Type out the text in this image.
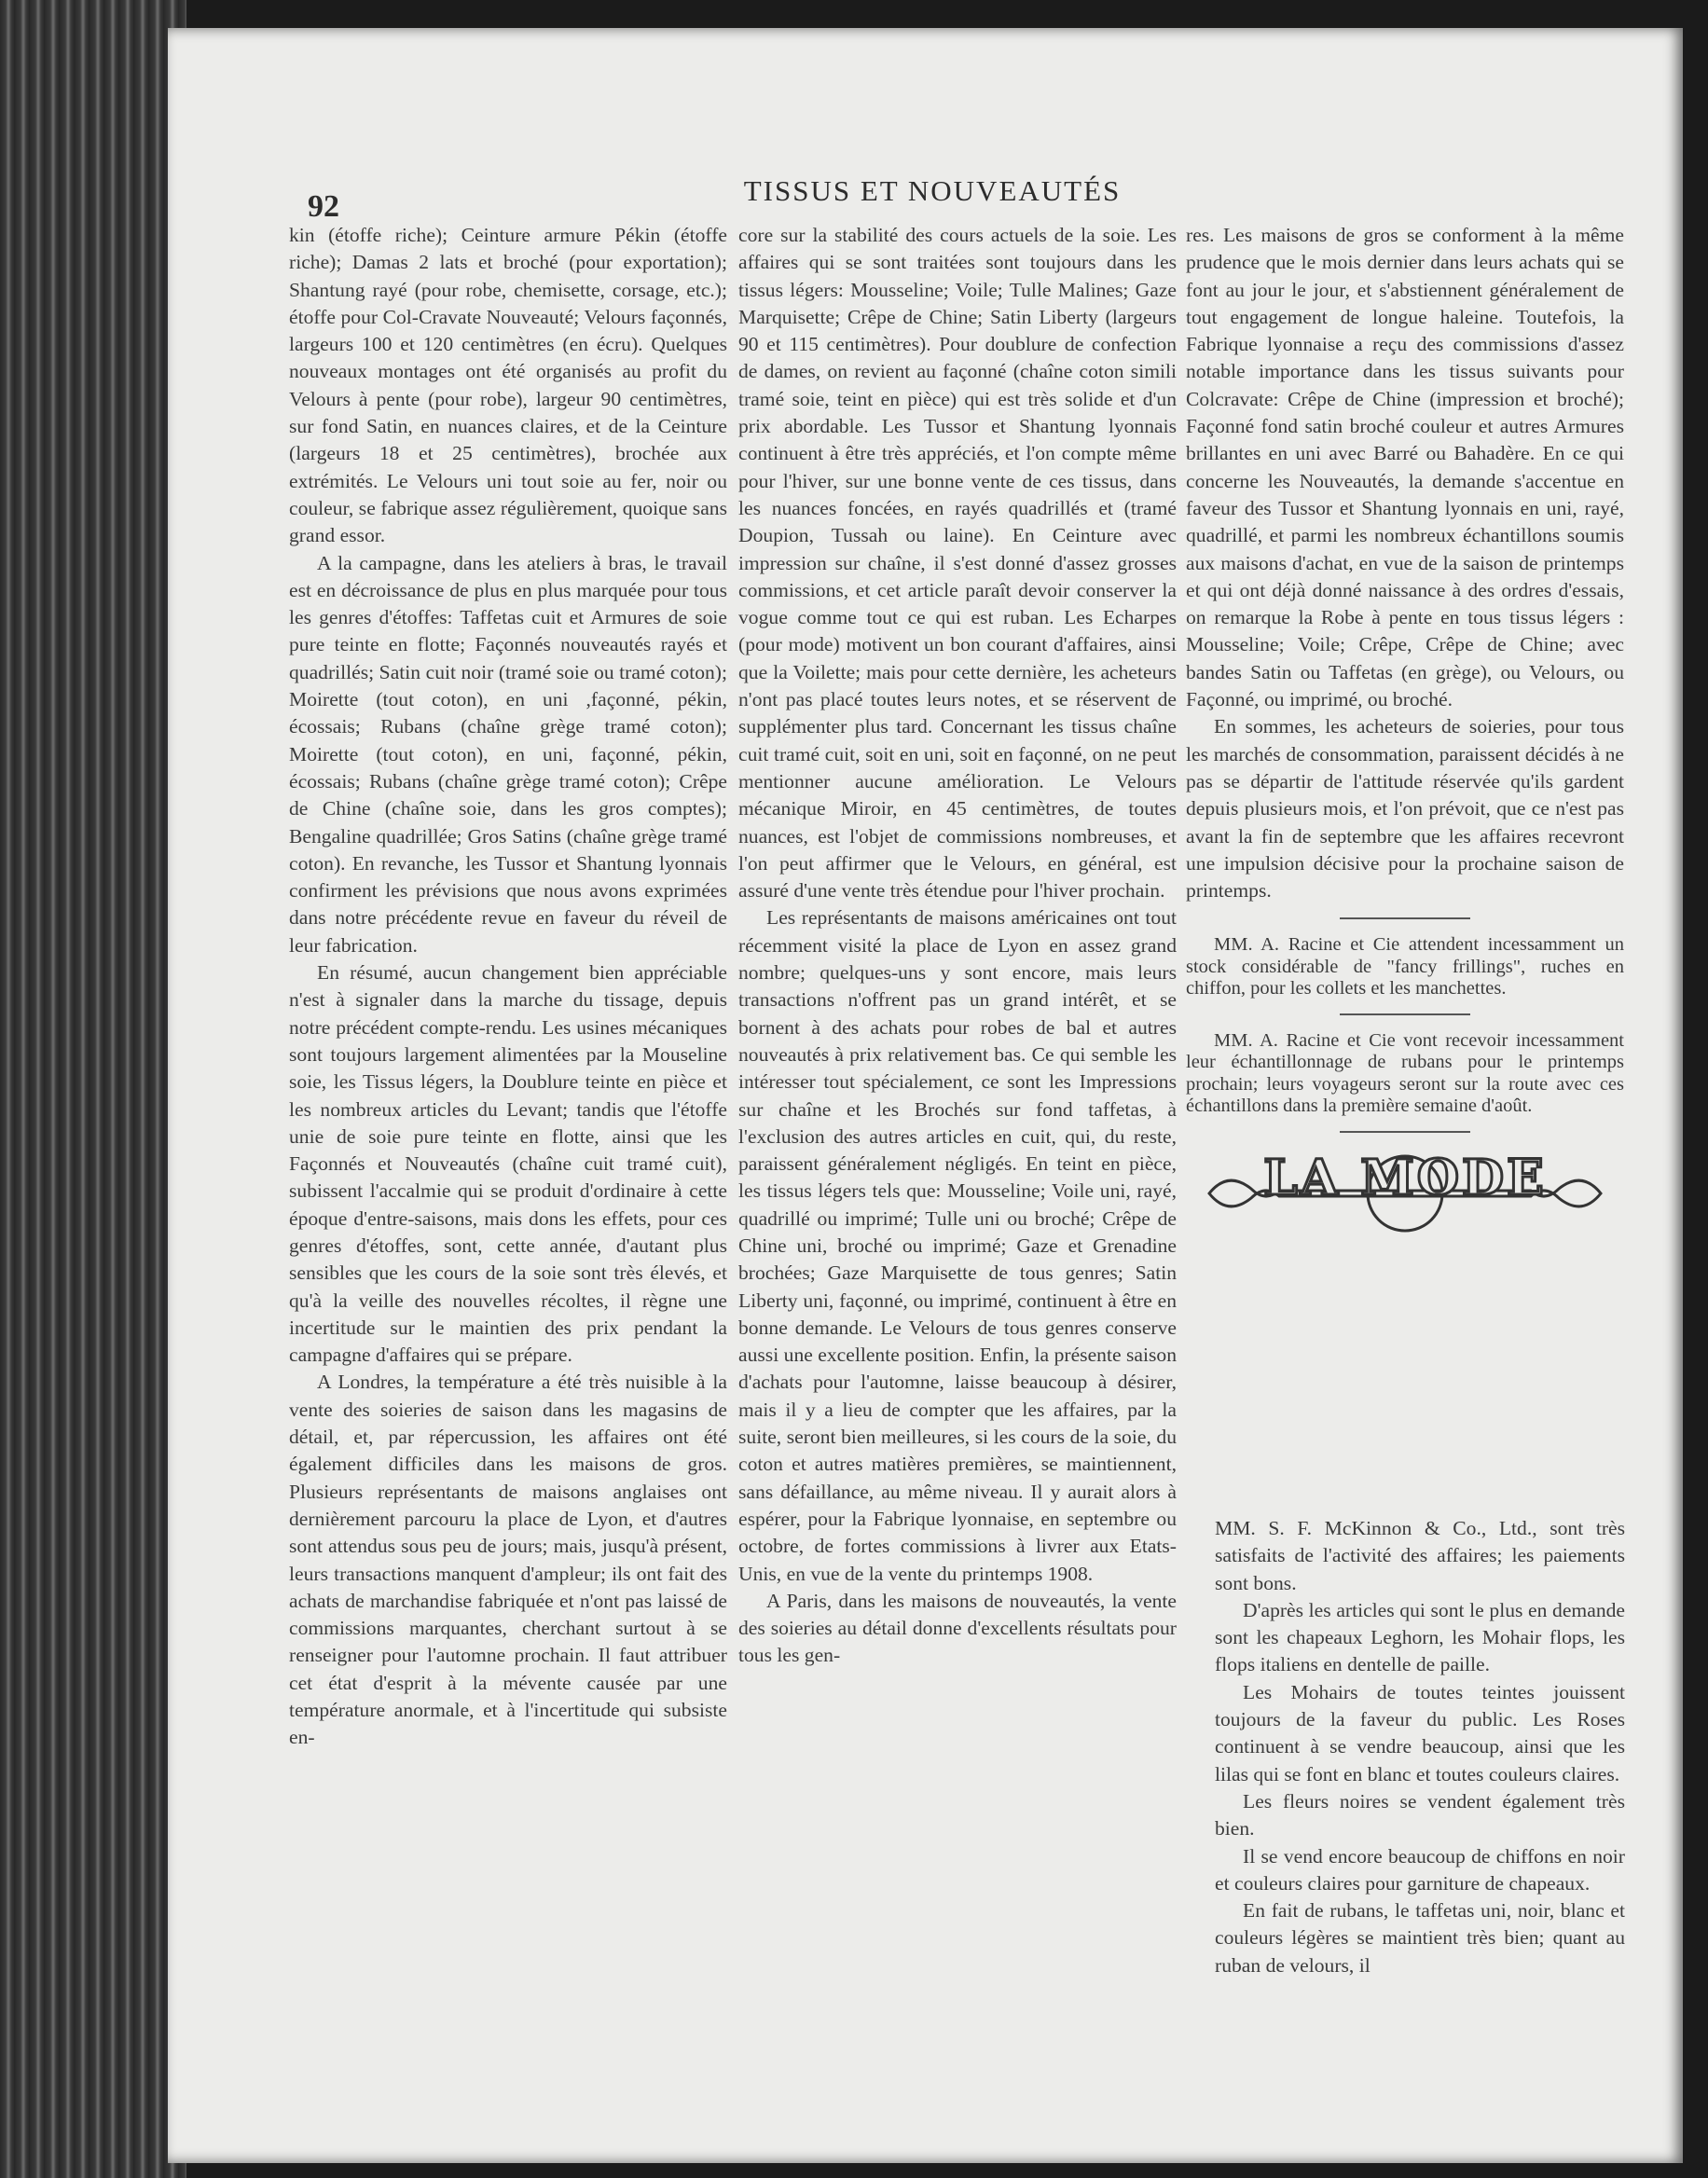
92	TISSUS ET NOUVEAUTÉS

kin (étoffe riche); Ceinture armure Pékin (étoffe riche); Damas 2 lats et broché (pour exportation); Shantung rayé (pour robe, chemisette, corsage, etc.); étoffe pour Col-Cravate Nouveauté; Velours façonnés, largeurs 100 et 120 centimètres (en écru). Quelques nouveaux montages ont été organisés au profit du Velours à pente (pour robe), largeur 90 centimètres, sur fond Satin, en nuances claires, et de la Ceinture (largeurs 18 et 25 centimètres), brochée aux extrémités. Le Velours uni tout soie au fer, noir ou couleur, se fabrique assez régulièrement, quoique sans grand essor.

A la campagne, dans les ateliers à bras, le travail est en décroissance de plus en plus marquée pour tous les genres d'étoffes: Taffetas cuit et Armures de soie pure teinte en flotte; Façonnés nouveautés rayés et quadrillés; Satin cuit noir (tramé soie ou tramé coton); Moirette (tout coton), en uni ,façonné, pékin, écossais; Rubans (chaîne grège tramé coton); Moirette (tout coton), en uni, façonné, pékin, écossais; Rubans (chaîne grège tramé coton); Crêpe de Chine (chaîne soie, dans les gros comptes); Bengaline quadrillée; Gros Satins (chaîne grège tramé coton). En revanche, les Tussor et Shantung lyonnais confirment les prévisions que nous avons exprimées dans notre précédente revue en faveur du réveil de leur fabrication.

En résumé, aucun changement bien appréciable n'est à signaler dans la marche du tissage, depuis notre précédent compte-rendu. Les usines mécaniques sont toujours largement alimentées par la Mouseline soie, les Tissus légers, la Doublure teinte en pièce et les nombreux articles du Levant; tandis que l'étoffe unie de soie pure teinte en flotte, ainsi que les Façonnés et Nouveautés (chaîne cuit tramé cuit), subissent l'accalmie qui se produit d'ordinaire à cette époque d'entre-saisons, mais dons les effets, pour ces genres d'étoffes, sont, cette année, d'autant plus sensibles que les cours de la soie sont très élevés, et qu'à la veille des nouvelles récoltes, il règne une incertitude sur le maintien des prix pendant la campagne d'affaires qui se prépare.

A Londres, la température a été très nuisible à la vente des soieries de saison dans les magasins de détail, et, par répercussion, les affaires ont été également difficiles dans les maisons de gros. Plusieurs représentants de maisons anglaises ont dernièrement parcouru la place de Lyon, et d'autres sont attendus sous peu de jours; mais, jusqu'à présent, leurs transactions manquent d'ampleur; ils ont fait des achats de marchandise fabriquée et n'ont pas laissé de commissions marquantes, cherchant surtout à se renseigner pour l'automne prochain. Il faut attribuer cet état d'esprit à la mévente causée par une température anormale, et à l'incertitude qui subsiste en-

core sur la stabilité des cours actuels de la soie. Les affaires qui se sont traitées sont toujours dans les tissus légers: Mousseline; Voile; Tulle Malines; Gaze Marquisette; Crêpe de Chine; Satin Liberty (largeurs 90 et 115 centimètres). Pour doublure de confection de dames, on revient au façonné (chaîne coton simili tramé soie, teint en pièce) qui est très solide et d'un prix abordable. Les Tussor et Shantung lyonnais continuent à être très appréciés, et l'on compte même pour l'hiver, sur une bonne vente de ces tissus, dans les nuances foncées, en rayés quadrillés et (tramé Doupion, Tussah ou laine). En Ceinture avec impression sur chaîne, il s'est donné d'assez grosses commissions, et cet article paraît devoir conserver la vogue comme tout ce qui est ruban. Les Echarpes (pour mode) motivent un bon courant d'affaires, ainsi que la Voilette; mais pour cette dernière, les acheteurs n'ont pas placé toutes leurs notes, et se réservent de supplémenter plus tard. Concernant les tissus chaîne cuit tramé cuit, soit en uni, soit en façonné, on ne peut mentionner aucune amélioration. Le Velours mécanique Miroir, en 45 centimètres, de toutes nuances, est l'objet de commissions nombreuses, et l'on peut affirmer que le Velours, en général, est assuré d'une vente très étendue pour l'hiver prochain.

Les représentants de maisons américaines ont tout récemment visité la place de Lyon en assez grand nombre; quelques-uns y sont encore, mais leurs transactions n'offrent pas un grand intérêt, et se bornent à des achats pour robes de bal et autres nouveautés à prix relativement bas. Ce qui semble les intéresser tout spécialement, ce sont les Impressions sur chaîne et les Brochés sur fond taffetas, à l'exclusion des autres articles en cuit, qui, du reste, paraissent généralement négligés. En teint en pièce, les tissus légers tels que: Mousseline; Voile uni, rayé, quadrillé ou imprimé; Tulle uni ou broché; Crêpe de Chine uni, broché ou imprimé; Gaze et Grenadine brochées; Gaze Marquisette de tous genres; Satin Liberty uni, façonné, ou imprimé, continuent à être en bonne demande. Le Velours de tous genres conserve aussi une excellente position. Enfin, la présente saison d'achats pour l'automne, laisse beaucoup à désirer, mais il y a lieu de compter que les affaires, par la suite, seront bien meilleures, si les cours de la soie, du coton et autres matières premières, se maintiennent, sans défaillance, au même niveau. Il y aurait alors à espérer, pour la Fabrique lyonnaise, en septembre ou octobre, de fortes commissions à livrer aux Etats-Unis, en vue de la vente du printemps 1908.

A Paris, dans les maisons de nouveautés, la vente des soieries au détail donne d'excellents résultats pour tous les gen-

res. Les maisons de gros se conforment à la même prudence que le mois dernier dans leurs achats qui se font au jour le jour, et s'abstiennent généralement de tout engagement de longue haleine. Toutefois, la Fabrique lyonnaise a reçu des commissions d'assez notable importance dans les tissus suivants pour Colcravate: Crêpe de Chine (impression et broché); Façonné fond satin broché couleur et autres Armures brillantes en uni avec Barré ou Bahadère. En ce qui concerne les Nouveautés, la demande s'accentue en faveur des Tussor et Shantung lyonnais en uni, rayé, quadrillé, et parmi les nombreux échantillons soumis aux maisons d'achat, en vue de la saison de printemps et qui ont déjà donné naissance à des ordres d'essais, on remarque la Robe à pente en tous tissus légers : Mousseline; Voile; Crêpe, Crêpe de Chine; avec bandes Satin ou Taffetas (en grège), ou Velours, ou Façonné, ou imprimé, ou broché.

En sommes, les acheteurs de soieries, pour tous les marchés de consommation, paraissent décidés à ne pas se départir de l'attitude réservée qu'ils gardent depuis plusieurs mois, et l'on prévoit, que ce n'est pas avant la fin de septembre que les affaires recevront une impulsion décisive pour la prochaine saison de printemps.

MM. A. Racine et Cie attendent incessamment un stock considérable de "fancy frillings", ruches en chiffon, pour les collets et les manchettes.

MM. A. Racine et Cie vont recevoir incessamment leur échantillonnage de rubans pour le printemps prochain; leurs voyageurs seront sur la route avec ces échantillons dans la première semaine d'août.

LA MODE

MM. S. F. McKinnon & Co., Ltd., sont très satisfaits de l'activité des affaires; les paiements sont bons.

D'après les articles qui sont le plus en demande sont les chapeaux Leghorn, les Mohair flops, les flops italiens en dentelle de paille.

Les Mohairs de toutes teintes jouissent toujours de la faveur du public. Les Roses continuent à se vendre beaucoup, ainsi que les lilas qui se font en blanc et toutes couleurs claires.

Les fleurs noires se vendent également très bien.

Il se vend encore beaucoup de chiffons en noir et couleurs claires pour garniture de chapeaux.

En fait de rubans, le taffetas uni, noir, blanc et couleurs légères se maintient très bien; quant au ruban de velours, il
